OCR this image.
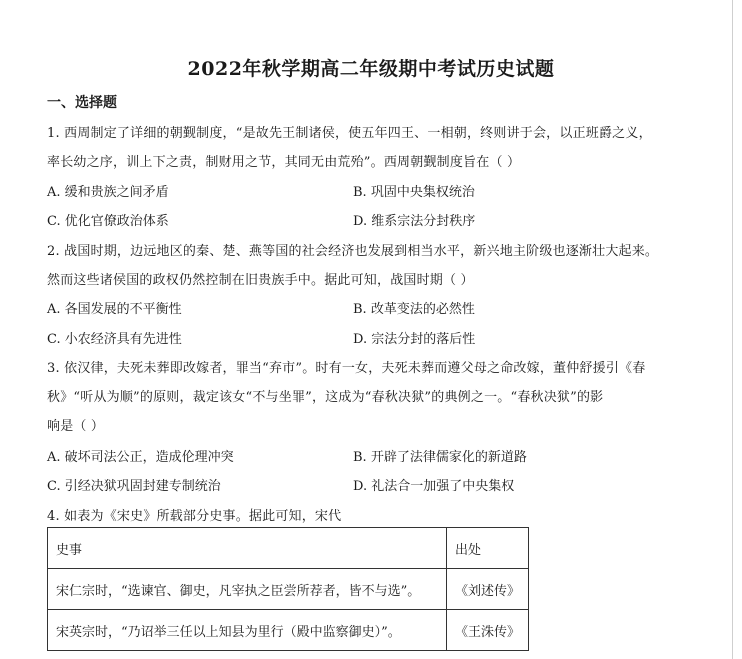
2022年秋学期高二年级期中考试历史试题
一、选择题
1. 西周制定了详细的朝觐制度，“是故先王制诸侯，使五年四王、一相朝，终则讲于会，以正班爵之义，
率长幼之序，训上下之责，制财用之节，其同无由荒殆”。西周朝觐制度旨在（ ）
A. 缓和贵族之间矛盾	B. 巩固中央集权统治
C. 优化官僚政治体系	D. 维系宗法分封秩序
2. 战国时期，边远地区的秦、楚、燕等国的社会经济也发展到相当水平，新兴地主阶级也逐渐壮大起来。
然而这些诸侯国的政权仍然控制在旧贵族手中。据此可知，战国时期（ ）
A. 各国发展的不平衡性	B. 改革变法的必然性
C. 小农经济具有先进性	D. 宗法分封的落后性
3. 依汉律，夫死未葬即改嫁者，罪当“弃市”。时有一女，夫死未葬而遵父母之命改嫁，董仲舒援引《春
秋》“听从为顺”的原则，裁定该女“不与坐罪”，这成为“春秋决狱”的典例之一。“春秋决狱”的影
响是（ ）
A. 破坏司法公正，造成伦理冲突	B. 开辟了法律儒家化的新道路
C. 引经决狱巩固封建专制统治	D. 礼法合一加强了中央集权
4. 如表为《宋史》所载部分史事。据此可知，宋代
史事	出处
宋仁宗时，“选谏官、御史，凡宰执之臣尝所荐者，皆不与选”。	《刘述传》
宋英宗时，“乃诏举三任以上知县为里行（殿中监察御史）”。	《王洙传》
